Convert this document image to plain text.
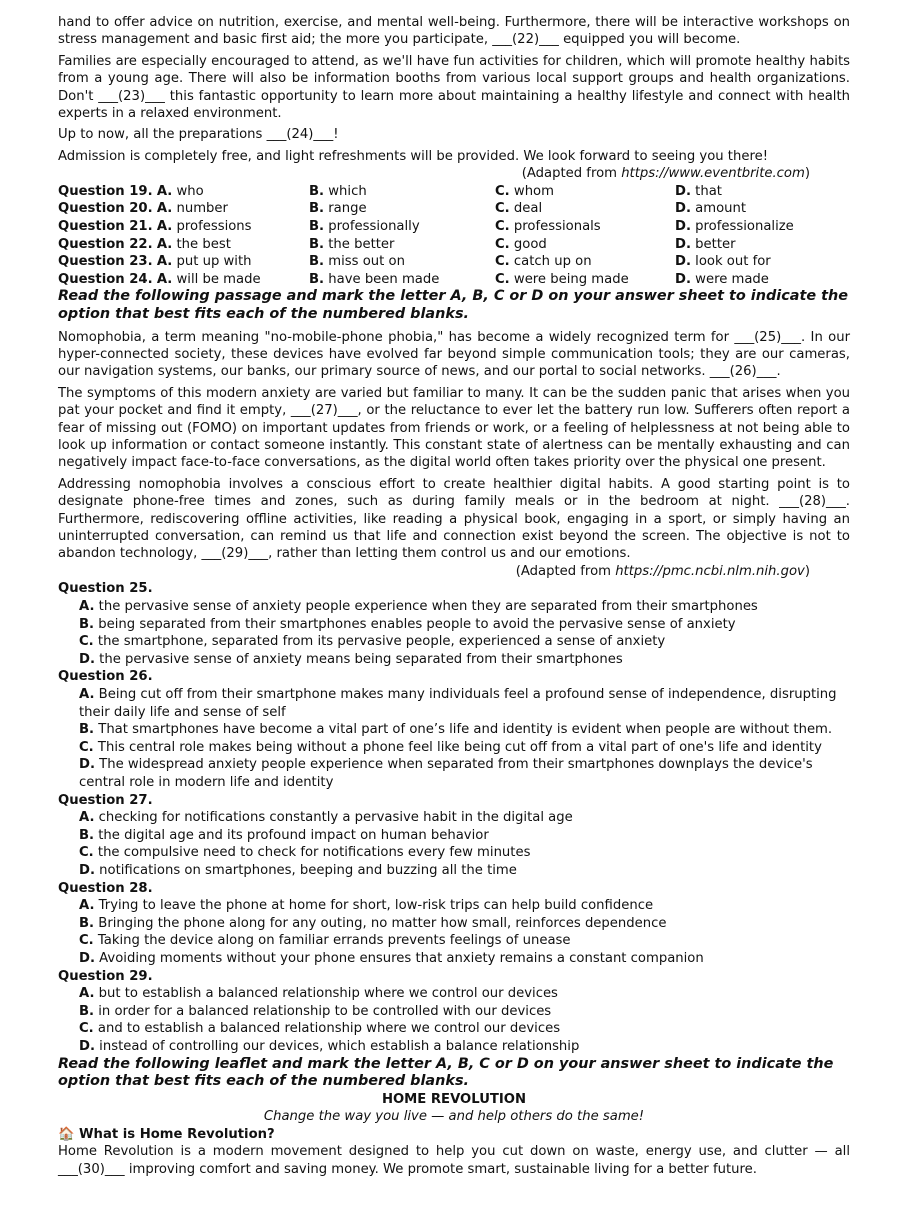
hand to offer advice on nutrition, exercise, and mental well-being. Furthermore, there will be interactive workshops on stress management and basic first aid; the more you participate, ___(22)___ equipped you will become.

Families are especially encouraged to attend, as we'll have fun activities for children, which will promote healthy habits from a young age. There will also be information booths from various local support groups and health organizations. Don't ___(23)___ this fantastic opportunity to learn more about maintaining a healthy lifestyle and connect with health experts in a relaxed environment.

Up to now, all the preparations ___(24)___!

Admission is completely free, and light refreshments will be provided. We look forward to seeing you there!

(Adapted from https://www.eventbrite.com)
Question 19. A. who	B. which	C. whom	D. that
Question 20. A. number	B. range	C. deal	D. amount
Question 21. A. professions	B. professionally	C. professionals	D. professionalize
Question 22. A. the best	B. the better	C. good	D. better
Question 23. A. put up with	B. miss out on	C. catch up on	D. look out for
Question 24. A. will be made	B. have been made	C. were being made	D. were made
Read the following passage and mark the letter A, B, C or D on your answer sheet to indicate the option that best fits each of the numbered blanks.

Nomophobia, a term meaning "no-mobile-phone phobia," has become a widely recognized term for ___(25)___. In our hyper-connected society, these devices have evolved far beyond simple communication tools; they are our cameras, our navigation systems, our banks, our primary source of news, and our portal to social networks. ___(26)___.

The symptoms of this modern anxiety are varied but familiar to many. It can be the sudden panic that arises when you pat your pocket and find it empty, ___(27)___, or the reluctance to ever let the battery run low. Sufferers often report a fear of missing out (FOMO) on important updates from friends or work, or a feeling of helplessness at not being able to look up information or contact someone instantly. This constant state of alertness can be mentally exhausting and can negatively impact face-to-face conversations, as the digital world often takes priority over the physical one present.

Addressing nomophobia involves a conscious effort to create healthier digital habits. A good starting point is to designate phone-free times and zones, such as during family meals or in the bedroom at night. ___(28)___. Furthermore, rediscovering offline activities, like reading a physical book, engaging in a sport, or simply having an uninterrupted conversation, can remind us that life and connection exist beyond the screen. The objective is not to abandon technology, ___(29)___, rather than letting them control us and our emotions.

(Adapted from https://pmc.ncbi.nlm.nih.gov)
Question 25.
A. the pervasive sense of anxiety people experience when they are separated from their smartphones
B. being separated from their smartphones enables people to avoid the pervasive sense of anxiety
C. the smartphone, separated from its pervasive people, experienced a sense of anxiety
D. the pervasive sense of anxiety means being separated from their smartphones
Question 26.
A. Being cut off from their smartphone makes many individuals feel a profound sense of independence, disrupting their daily life and sense of self
B. That smartphones have become a vital part of one’s life and identity is evident when people are without them.
C. This central role makes being without a phone feel like being cut off from a vital part of one's life and identity
D. The widespread anxiety people experience when separated from their smartphones downplays the device's central role in modern life and identity
Question 27.
A. checking for notifications constantly a pervasive habit in the digital age
B. the digital age and its profound impact on human behavior
C. the compulsive need to check for notifications every few minutes
D. notifications on smartphones, beeping and buzzing all the time
Question 28.
A. Trying to leave the phone at home for short, low-risk trips can help build confidence
B. Bringing the phone along for any outing, no matter how small, reinforces dependence
C. Taking the device along on familiar errands prevents feelings of unease
D. Avoiding moments without your phone ensures that anxiety remains a constant companion
Question 29.
A. but to establish a balanced relationship where we control our devices
B. in order for a balanced relationship to be controlled with our devices
C. and to establish a balanced relationship where we control our devices
D. instead of controlling our devices, which establish a balance relationship
Read the following leaflet and mark the letter A, B, C or D on your answer sheet to indicate the option that best fits each of the numbered blanks.
HOME REVOLUTION
Change the way you live — and help others do the same!
🏠 What is Home Revolution?

Home Revolution is a modern movement designed to help you cut down on waste, energy use, and clutter — all ___(30)___ improving comfort and saving money. We promote smart, sustainable living for a better future.
